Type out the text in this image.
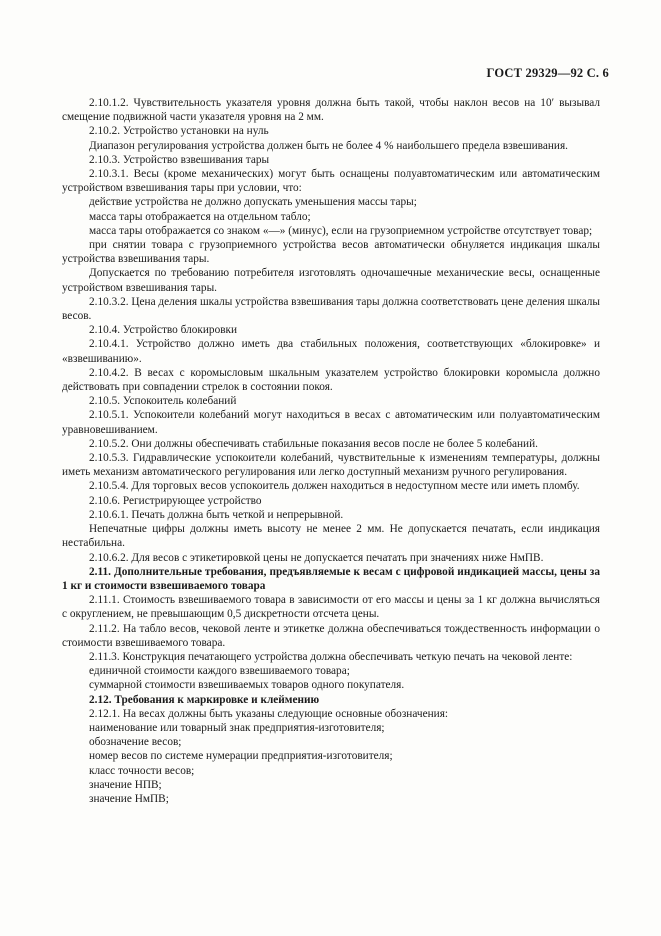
ГОСТ 29329—92 С. 6

2.10.1.2. Чувствительность указателя уровня должна быть такой, чтобы наклон весов на 10′ вызывал смещение подвижной части указателя уровня на 2 мм.

2.10.2. Устройство установки на нуль

Диапазон регулирования устройства должен быть не более 4 % наибольшего предела взвешивания.

2.10.3. Устройство взвешивания тары

2.10.3.1. Весы (кроме механических) могут быть оснащены полуавтоматическим или автоматическим устройством взвешивания тары при условии, что:

действие устройства не должно допускать уменьшения массы тары;

масса тары отображается на отдельном табло;

масса тары отображается со знаком «—» (минус), если на грузоприемном устройстве отсутствует товар;

при снятии товара с грузоприемного устройства весов автоматически обнуляется индикация шкалы устройства взвешивания тары.

Допускается по требованию потребителя изготовлять одночашечные механические весы, оснащенные устройством взвешивания тары.

2.10.3.2. Цена деления шкалы устройства взвешивания тары должна соответствовать цене деления шкалы весов.

2.10.4. Устройство блокировки

2.10.4.1. Устройство должно иметь два стабильных положения, соответствующих «блокировке» и «взвешиванию».

2.10.4.2. В весах с коромысловым шкальным указателем устройство блокировки коромысла должно действовать при совпадении стрелок в состоянии покоя.

2.10.5. Успокоитель колебаний

2.10.5.1. Успокоители колебаний могут находиться в весах с автоматическим или полуавтоматическим уравновешиванием.

2.10.5.2. Они должны обеспечивать стабильные показания весов после не более 5 колебаний.

2.10.5.3. Гидравлические успокоители колебаний, чувствительные к изменениям температуры, должны иметь механизм автоматического регулирования или легко доступный механизм ручного регулирования.

2.10.5.4. Для торговых весов успокоитель должен находиться в недоступном месте или иметь пломбу.

2.10.6. Регистрирующее устройство

2.10.6.1. Печать должна быть четкой и непрерывной.

Непечатные цифры должны иметь высоту не менее 2 мм. Не допускается печатать, если индикация нестабильна.

2.10.6.2. Для весов с этикетировкой цены не допускается печатать при значениях ниже НмПВ.

2.11. Дополнительные требования, предъявляемые к весам с цифровой индикацией массы, цены за 1 кг и стоимости взвешиваемого товара

2.11.1. Стоимость взвешиваемого товара в зависимости от его массы и цены за 1 кг должна вычисляться с округлением, не превышающим 0,5 дискретности отсчета цены.

2.11.2. На табло весов, чековой ленте и этикетке должна обеспечиваться тождественность информации о стоимости взвешиваемого товара.

2.11.3. Конструкция печатающего устройства должна обеспечивать четкую печать на чековой ленте:

единичной стоимости каждого взвешиваемого товара;

суммарной стоимости взвешиваемых товаров одного покупателя.

2.12. Требования к маркировке и клеймению

2.12.1. На весах должны быть указаны следующие основные обозначения:

наименование или товарный знак предприятия-изготовителя;

обозначение весов;

номер весов по системе нумерации предприятия-изготовителя;

класс точности весов;

значение НПВ;

значение НмПВ;
